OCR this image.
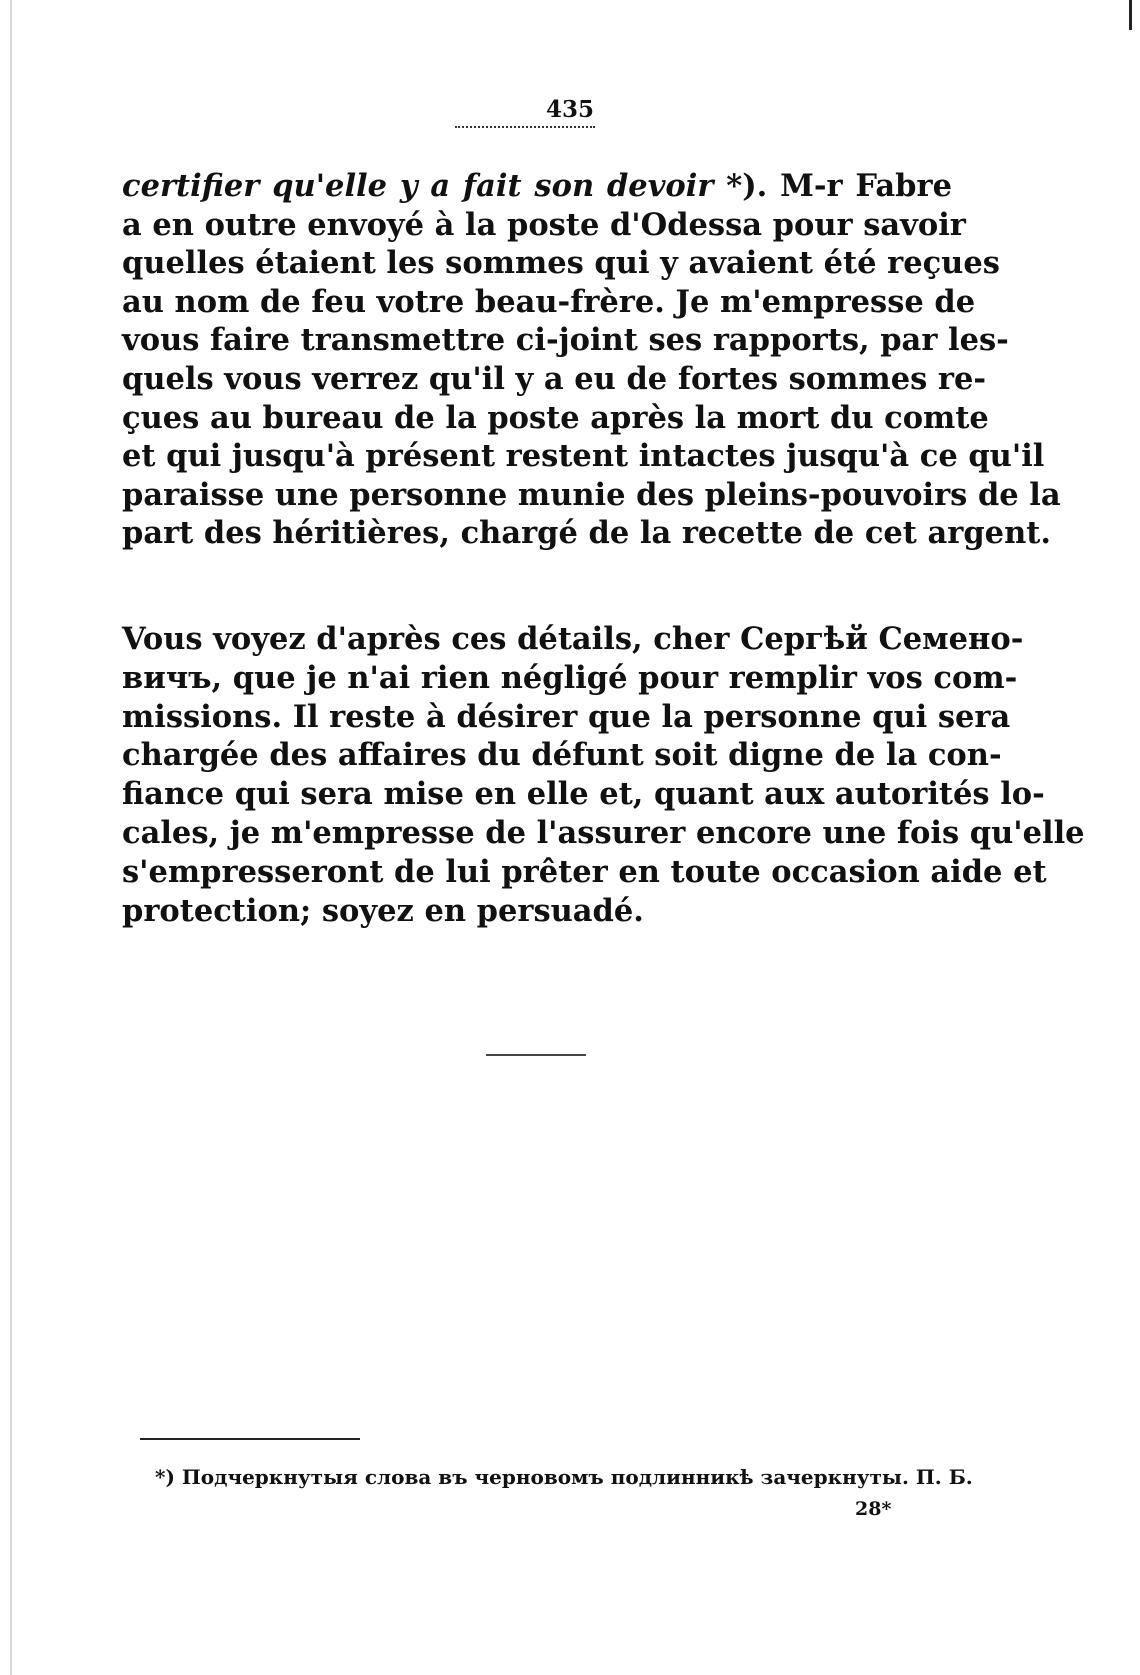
435
certifier qu'elle y a fait son devoir *). M-r Fabre
a en outre envoyé à la poste d'Odessa pour savoir
quelles étaient les sommes qui y avaient été reçues
au nom de feu votre beau-frère. Je m'empresse de
vous faire transmettre ci-joint ses rapports, par les-
quels vous verrez qu'il y a eu de fortes sommes re-
çues au bureau de la poste après la mort du comte
et qui jusqu'à présent restent intactes jusqu'à ce qu'il
paraisse une personne munie des pleins-pouvoirs de la
part des héritières, chargé de la recette de cet argent.
Vous voyez d'après ces détails, cher Сергѣй Семено-
вичъ, que je n'ai rien négligé pour remplir vos com-
missions. Il reste à désirer que la personne qui sera
chargée des affaires du défunt soit digne de la con-
fiance qui sera mise en elle et, quant aux autorités lo-
cales, je m'empresse de l'assurer encore une fois qu'elle
s'empresseront de lui prêter en toute occasion aide et
protection; soyez en persuadé.
*) Подчеркнутыя слова въ черновомъ подлинникѣ зачеркнуты. П. Б.
28*
